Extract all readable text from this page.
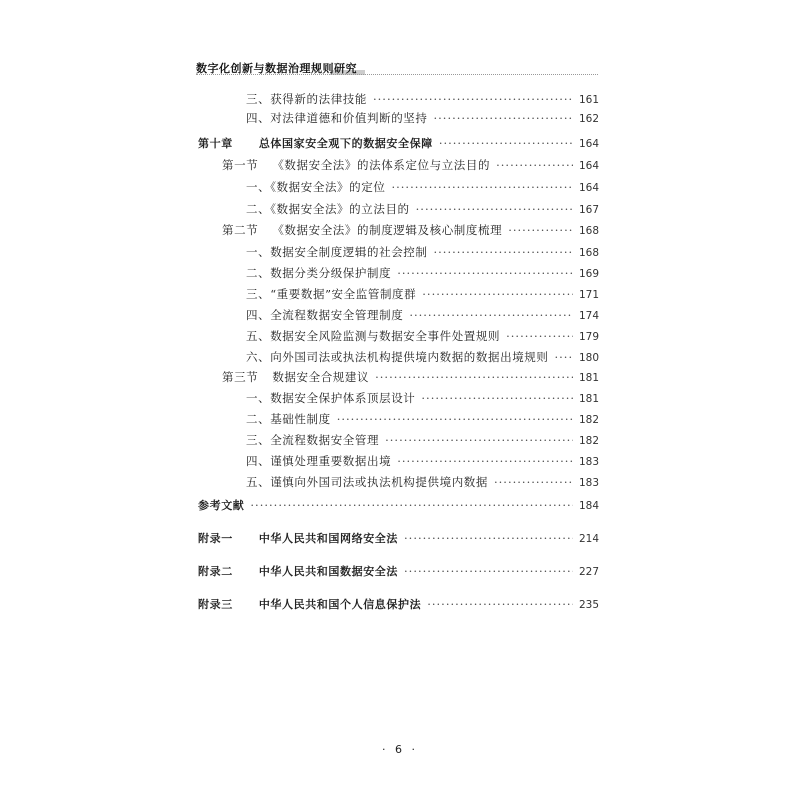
数字化创新与数据治理规则研究
三、获得新的法律技能 ·····	161
四、对法律道德和价值判断的坚持 ·····	162
第十章 总体国家安全观下的数据安全保障 ·····	164
第一节 《数据安全法》的法体系定位与立法目的 ·····	164
一、《数据安全法》的定位 ·····	164
二、《数据安全法》的立法目的 ·····	167
第二节 《数据安全法》的制度逻辑及核心制度梳理 ·····	168
一、数据安全制度逻辑的社会控制 ·····	168
二、数据分类分级保护制度 ·····	169
三、“重要数据”安全监管制度群 ·····	171
四、全流程数据安全管理制度 ·····	174
五、数据安全风险监测与数据安全事件处置规则 ·····	179
六、向外国司法或执法机构提供境内数据的数据出境规则 ·····	180
第三节 数据安全合规建议 ·····	181
一、数据安全保护体系顶层设计 ·····	181
二、基础性制度 ·····	182
三、全流程数据安全管理 ·····	182
四、谨慎处理重要数据出境 ·····	183
五、谨慎向外国司法或执法机构提供境内数据 ·····	183
参考文献 ·····	184
附录一 中华人民共和国网络安全法 ·····	214
附录二 中华人民共和国数据安全法 ·····	227
附录三 中华人民共和国个人信息保护法 ·····	235
· 6 ·
